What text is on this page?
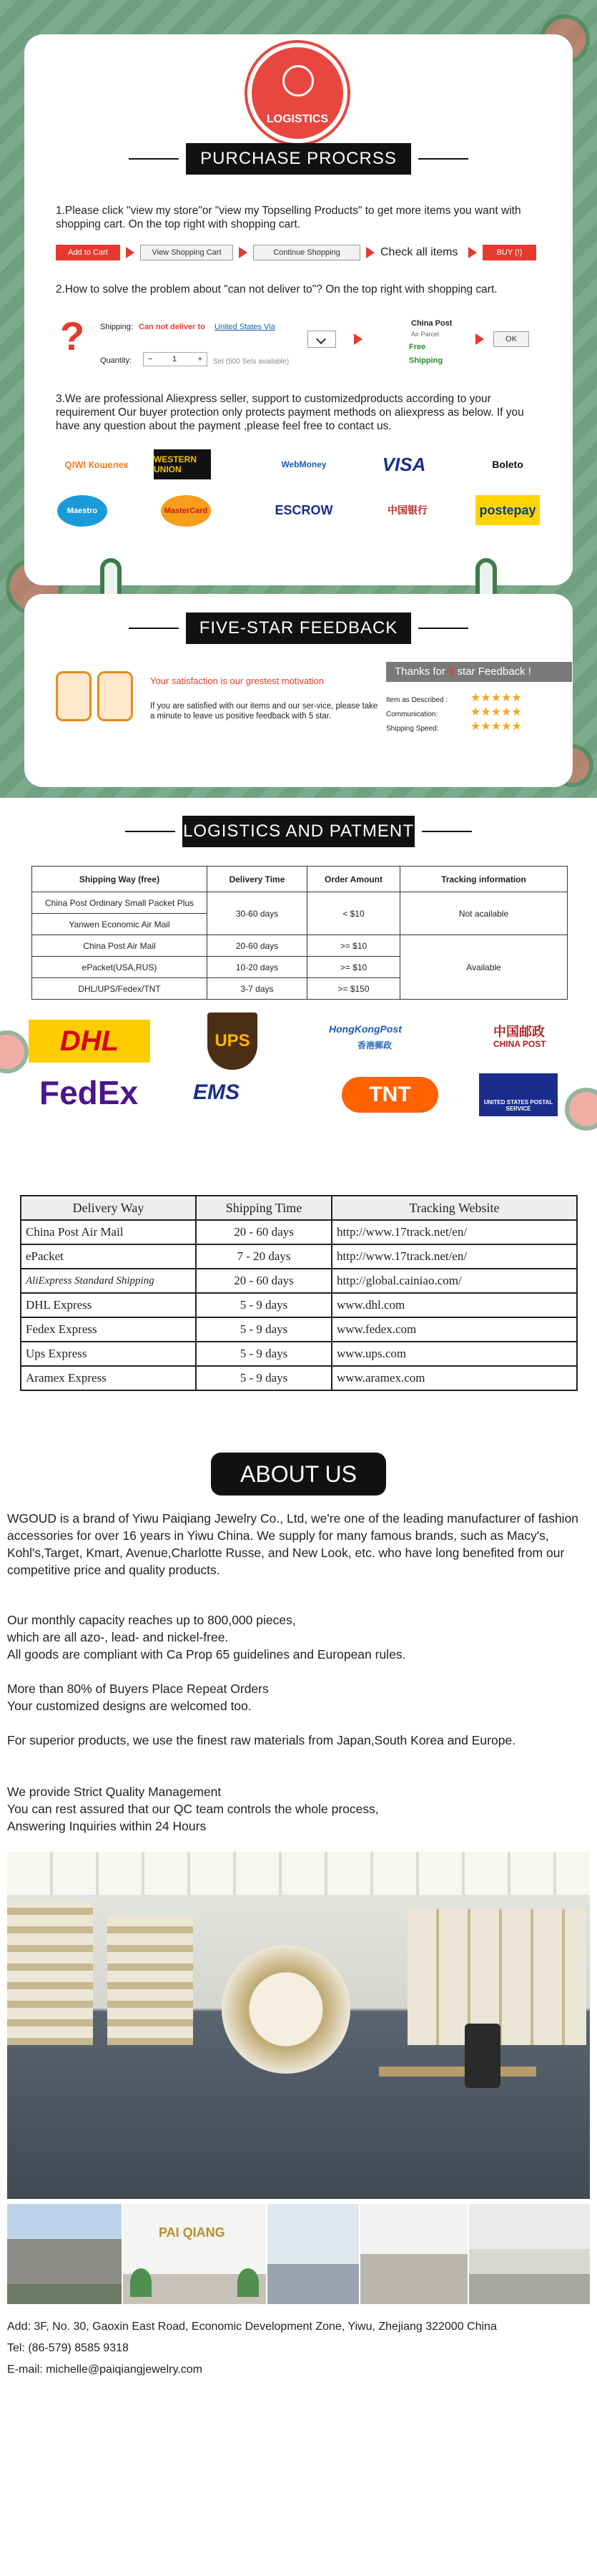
LOGISTICS
PURCHASE PROCRSS
1.Please click "view my store"or "view my Topselling Products" to get more items you want with shopping cart. On the top right with shopping cart.
Add to Cart	View Shopping Cart	Continue Shopping	Check all items	BUY (!)
2.How to solve the problem about "can not deliver to"? On the top right with shopping cart.
? Shipping: Can not deliver to United States Via
Quantity: −	1	+ Set (500 Sets available)
China Post
Air Parcel
Free Shipping
OK
3.We are professional Aliexpress seller, support to customizedproducts according to your requirement Our buyer protection only protects payment methods on aliexpress as below. If you have any question about the payment ,please feel free to contact us.
QIWI Кошелек	WESTERN UNION	WebMoney	VISA	Boleto
Maestro	MasterCard	ESCROW	中国银行	postepay
FIVE-STAR FEEDBACK
Your satisfaction is our grestest motivation
If you are satisfied with our items and our ser-vice, please take a minute to leave us positive feedback with 5 star.
Thanks for 5 star Feedback !
Item as Described :
Communication:
Shipping Speed:
★★★★★
★★★★★
★★★★★
LOGISTICS AND PATMENT
Shipping Way (free)	Delivery Time	Order Amount	Tracking information
China Post Ordinary Small Packet Plus	30-60 days	< $10	Not acailable
Yanwen Economic Air Mail			
China Post Air Mail	20-60 days	>= $10	Available
ePacket(USA,RUS)	10-20 days	>= $10	
DHL/UPS/Fedex/TNT	3-7 days	>= $150	
DHL	UPS
HongKongPost
香港郵政
中国邮政
CHINA POST
FedEx	EMS	TNT	UNITED STATES POSTAL SERVICE
Delivery Way	Shipping Time	Tracking Website
China Post Air Mail	20 - 60 days	http://www.17track.net/en/
ePacket	7 - 20 days	http://www.17track.net/en/
AliExpress Standard Shipping	20 - 60 days	http://global.cainiao.com/
DHL Express	5 - 9 days	www.dhl.com
Fedex Express	5 - 9 days	www.fedex.com
Ups Express	5 - 9 days	www.ups.com
Aramex Express	5 - 9 days	www.aramex.com
ABOUT US
WGOUD is a brand of Yiwu Paiqiang Jewelry Co., Ltd, we're one of the leading manufacturer of fashion accessories for over 16 years in Yiwu China. We supply for many famous brands, such as Macy's, Kohl's,Target, Kmart, Avenue,Charlotte Russe, and New Look, etc. who have long benefited from our competitive price and quality products.
Our monthly capacity reaches up to 800,000 pieces,
which are all azo-, lead- and nickel-free.
All goods are compliant with Ca Prop 65 guidelines and European rules.
More than 80% of Buyers Place Repeat Orders
Your customized designs are welcomed too.
For superior products, we use the finest raw materials from Japan,South Korea and Europe.
We provide Strict Quality Management
You can rest assured that our QC team controls the whole process,
Answering Inquiries within 24 Hours
PAI QIANG
Add: 3F, No. 30, Gaoxin East Road, Economic Development Zone, Yiwu, Zhejiang 322000 China
Tel: (86-579) 8585 9318
E-mail: michelle@paiqiangjewelry.com
